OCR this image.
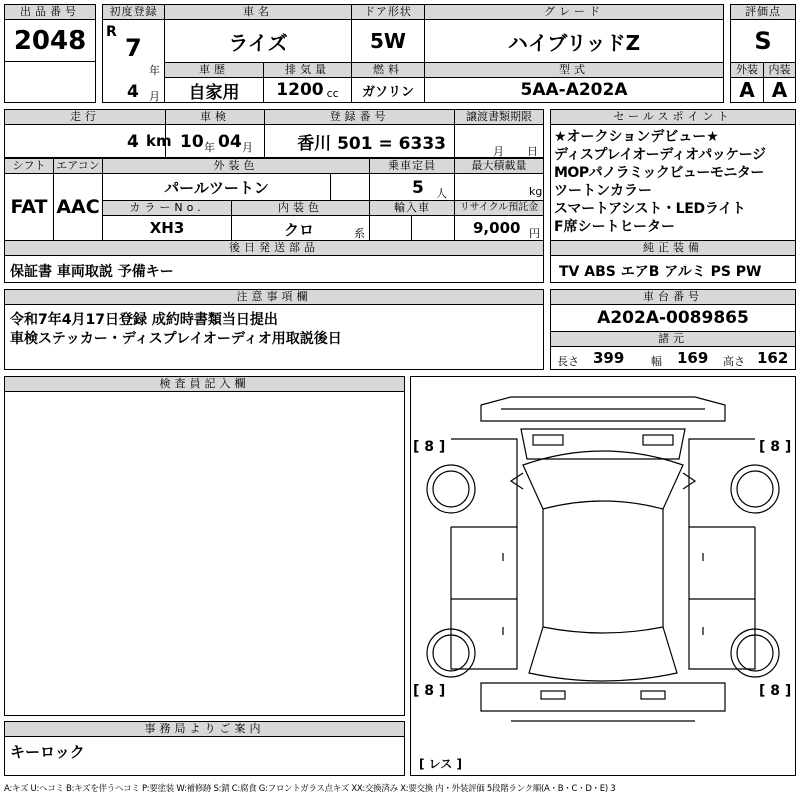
出品番号
2048
初度登録
R
7
年
4 月
車名
ライズ
ドア形状
5W
グレード
ハイブリッドZ
評価点
S
車歴
自家用
排気量
1200 cc
燃料
ガソリン
型式
5AA-A202A
外装 内装
A A
走行
4 km
車検
10 年 04 月
登録番号
香川 501 = 6333
譲渡書類期限
月 日
シフト
FAT
エアコン
AAC
外装色
パールツートン
乗車定員
5 人
最大積載量
kg
カラーNo.
XH3
内装色
クロ	系
輸入車	リサイクル預託金
9,000 円
セールスポイント
★オークションデビュー★
ディスプレイオーディオパッケージ
MOPパノラミックビューモニター
ツートンカラー
スマートアシスト・LEDライト
F席シートヒーター
後日発送部品
保証書 車両取説 予備キー
純正装備
TV ABS エアB アルミ PS PW
注意事項欄
令和7年4月17日登録 成約時書類当日提出
車検ステッカー・ディスプレイオーディオ用取説後日
車台番号
A202A-0089865
諸元
長さ 399 幅 169 高さ 162
検査員記入欄
事務局よりご案内
キーロック
[ 8 ]	[ 8 ]
[ 8 ]	[ 8 ]
[ レス ]
A:キズ U:ヘコミ B:キズを伴うヘコミ P:要塗装 W:補修跡 S:錆 C:腐食 G:フロントガラス点キズ XX:交換済み X:要交換 内・外装評価 5段階ランク順(A・B・C・D・E) 3
